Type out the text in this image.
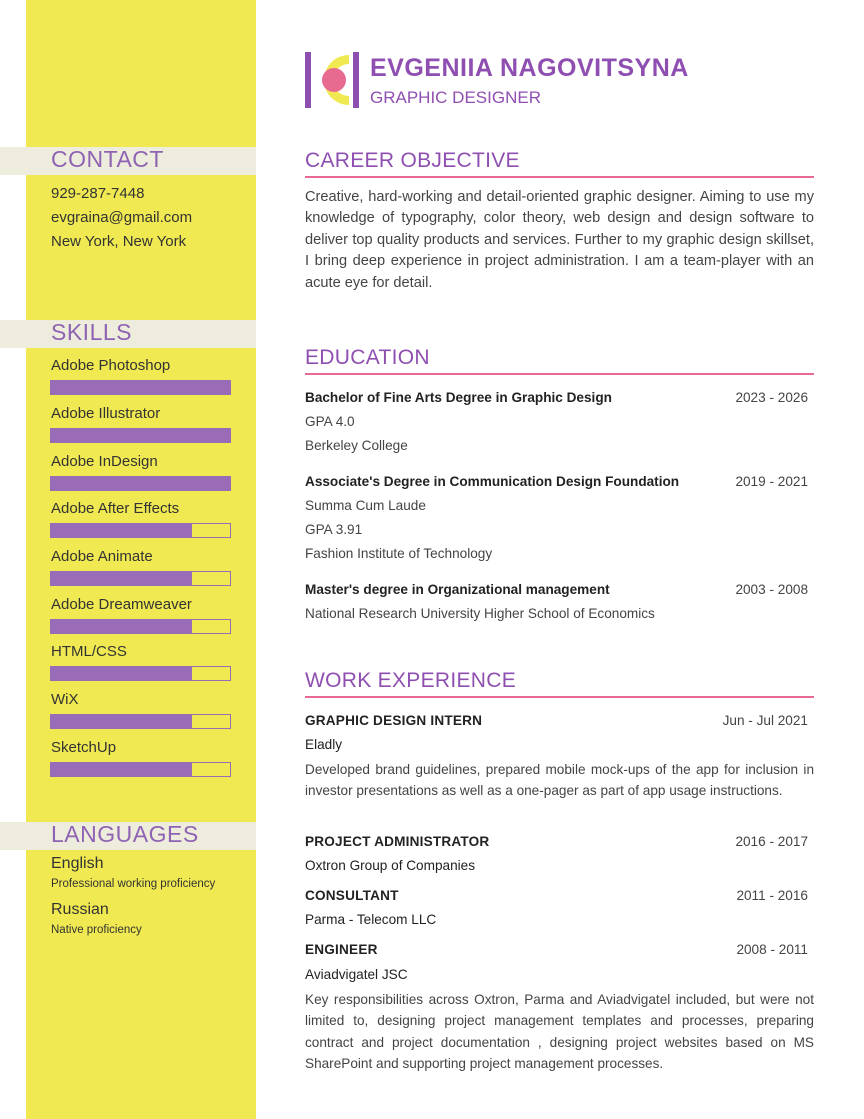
CONTACT
929-287-7448
evgraina@gmail.com
New York, New York
SKILLS
Adobe Photoshop
Adobe Illustrator
Adobe InDesign
Adobe After Effects
Adobe Animate
Adobe Dreamweaver
HTML/CSS
WiX
SketchUp
LANGUAGES
English
Professional working proficiency
Russian
Native proficiency
EVGENIIA NAGOVITSYNA
GRAPHIC DESIGNER
CAREER OBJECTIVE
Creative, hard-working and detail-oriented graphic designer. Aiming to use my knowledge of typography, color theory, web design and design software to deliver top quality products and services. Further to my graphic design skillset, I bring deep experience in project administration. I am a team-player with an acute eye for detail.
EDUCATION
Bachelor of Fine Arts Degree in Graphic Design	2023 - 2026
GPA 4.0
Berkeley College
Associate's Degree in Communication Design Foundation	2019 - 2021
Summa Cum Laude
GPA 3.91
Fashion Institute of Technology
Master's degree in Organizational management	2003 - 2008
National Research University Higher School of Economics
WORK EXPERIENCE
GRAPHIC DESIGN INTERN	Jun - Jul 2021
Eladly
Developed brand guidelines, prepared mobile mock-ups of the app for inclusion in investor presentations as well as a one-pager as part of app usage instructions.
PROJECT ADMINISTRATOR	2016 - 2017
Oxtron Group of Companies
CONSULTANT	2011 - 2016
Parma - Telecom LLC
ENGINEER	2008 - 2011
Aviadvigatel JSC
Key responsibilities across Oxtron, Parma and Aviadvigatel included, but were not limited to, designing project management templates and processes, preparing contract and project documentation , designing project websites based on MS SharePoint and supporting project management processes.
